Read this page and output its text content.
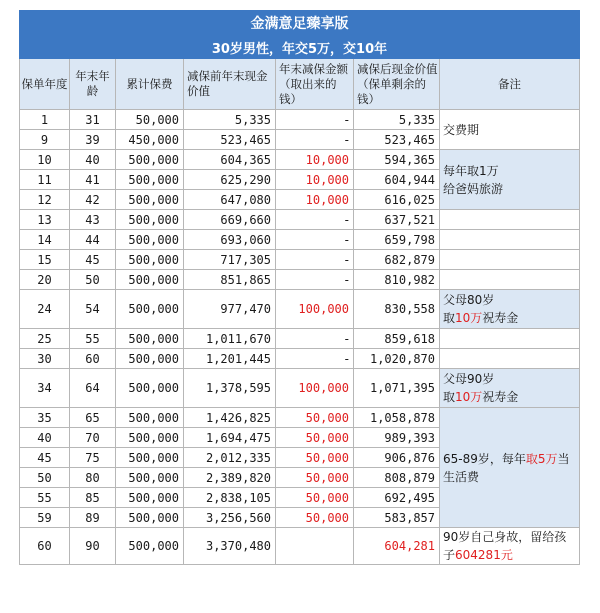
金满意足臻享版						
30岁男性，年交5万，交10年						
保单年度	年末年龄	累计保费	减保前年末现金价值	年末减保金额（取出来的钱）	减保后现金价值（保单剩余的钱）	备注
1	31	50,000	5,335	-	5,335	交费期
9	39	450,000	523,465	-	523,465	
10	40	500,000	604,365	10,000	594,365	每年取1万
给爸妈旅游
11	41	500,000	625,290	10,000	604,944	
12	42	500,000	647,080	10,000	616,025	
13	43	500,000	669,660	-	637,521	
14	44	500,000	693,060	-	659,798	
15	45	500,000	717,305	-	682,879	
20	50	500,000	851,865	-	810,982	
24	54	500,000	977,470	100,000	830,558	父母80岁
取10万祝寿金
25	55	500,000	1,011,670	-	859,618	
30	60	500,000	1,201,445	-	1,020,870	
34	64	500,000	1,378,595	100,000	1,071,395	父母90岁
取10万祝寿金
35	65	500,000	1,426,825	50,000	1,058,878	65-89岁，每年取5万当生活费
40	70	500,000	1,694,475	50,000	989,393	
45	75	500,000	2,012,335	50,000	906,876	
50	80	500,000	2,389,820	50,000	808,879	
55	85	500,000	2,838,105	50,000	692,495	
59	89	500,000	3,256,560	50,000	583,857	
60	90	500,000	3,370,480		604,281	90岁自己身故，留给孩子604281元
